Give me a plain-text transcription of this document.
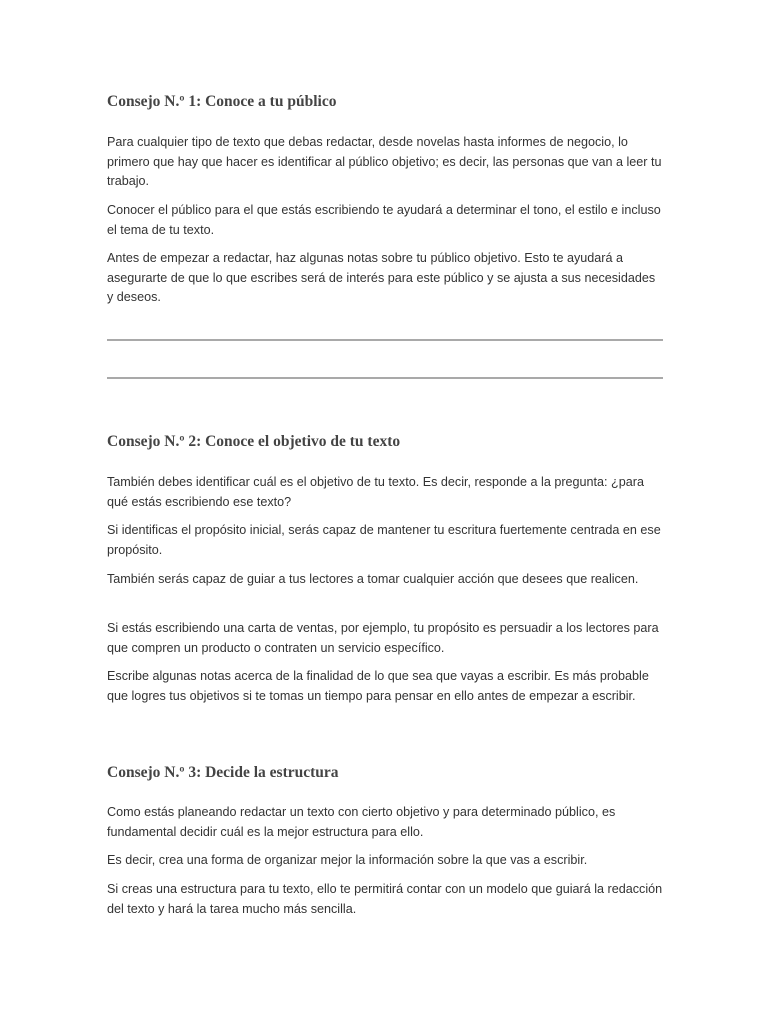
Consejo N.º 1: Conoce a tu público

Para cualquier tipo de texto que debas redactar, desde novelas hasta informes de negocio, lo primero que hay que hacer es identificar al público objetivo; es decir, las personas que van a leer tu trabajo.

Conocer el público para el que estás escribiendo te ayudará a determinar el tono, el estilo e incluso el tema de tu texto.

Antes de empezar a redactar, haz algunas notas sobre tu público objetivo. Esto te ayudará a asegurarte de que lo que escribes será de interés para este público y se ajusta a sus necesidades y deseos.

Consejo N.º 2: Conoce el objetivo de tu texto

También debes identificar cuál es el objetivo de tu texto. Es decir, responde a la pregunta: ¿para qué estás escribiendo ese texto?

Si identificas el propósito inicial, serás capaz de mantener tu escritura fuertemente centrada en ese propósito.

También serás capaz de guiar a tus lectores a tomar cualquier acción que desees que realicen.

Si estás escribiendo una carta de ventas, por ejemplo, tu propósito es persuadir a los lectores para que compren un producto o contraten un servicio específico.

Escribe algunas notas acerca de la finalidad de lo que sea que vayas a escribir. Es más probable que logres tus objetivos si te tomas un tiempo para pensar en ello antes de empezar a escribir.

Consejo N.º 3: Decide la estructura

Como estás planeando redactar un texto con cierto objetivo y para determinado público, es fundamental decidir cuál es la mejor estructura para ello.

Es decir, crea una forma de organizar mejor la información sobre la que vas a escribir.

Si creas una estructura para tu texto, ello te permitirá contar con un modelo que guiará la redacción del texto y hará la tarea mucho más sencilla.
